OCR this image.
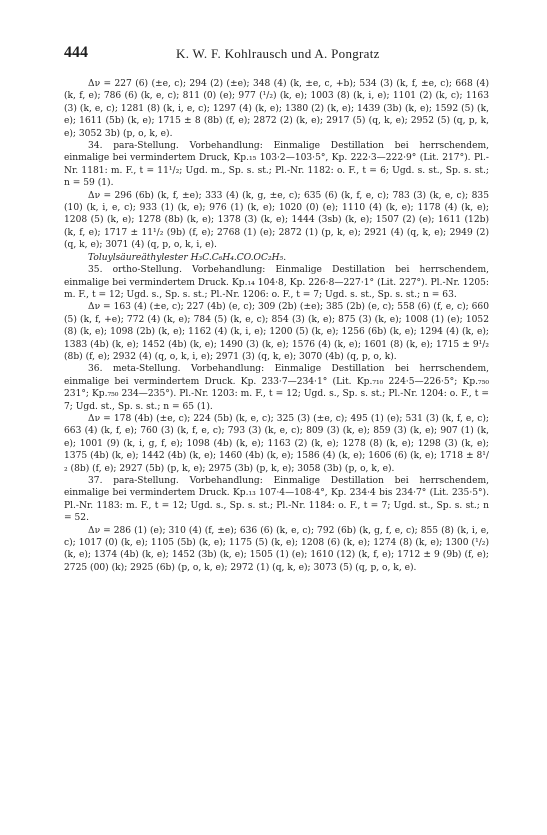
444	K. W. F. Kohlrausch und A. Pongratz

Δν = 227 (6) (±e, c); 294 (2) (±e); 348 (4) (k, ±e, c, +b); 534 (3) (k, f, ±e, c); 668 (4) (k, f, e); 786 (6) (k, e, c); 811 (0) (e); 977 (¹/₂) (k, e); 1003 (8) (k, i, e); 1101 (2) (k, c); 1163 (3) (k, e, c); 1281 (8) (k, i, e, c); 1297 (4) (k, e); 1380 (2) (k, e); 1439 (3b) (k, e); 1592 (5) (k, e); 1611 (5b) (k, e); 1715 ± 8 (8b) (f, e); 2872 (2) (k, e); 2917 (5) (q, k, e); 2952 (5) (q, p, k, e); 3052 3b) (p, o, k, e).

34. para-Stellung. Vorbehandlung: Einmalige Destillation bei herrschendem, einmalige bei vermindertem Druck, Kp.₁₅ 103·2—103·5°, Kp. 222·3—222·9° (Lit. 217°). Pl.-Nr. 1181: m. F., t = 11¹/₂; Ugd. m., Sp. s. st.; Pl.-Nr. 1182: o. F., t = 6; Ugd. s. st., Sp. s. st.; n = 59 (1).

Δν = 296 (6b) (k, f, ±e); 333 (4) (k, g, ±e, c); 635 (6) (k, f, e, c); 783 (3) (k, e, c); 835 (10) (k, i, e, c); 933 (1) (k, e); 976 (1) (k, e); 1020 (0) (e); 1110 (4) (k, e); 1178 (4) (k, e); 1208 (5) (k, e); 1278 (8b) (k, e); 1378 (3) (k, e); 1444 (3sb) (k, e); 1507 (2) (e); 1611 (12b) (k, f, e); 1717 ± 11¹/₂ (9b) (f, e); 2768 (1) (e); 2872 (1) (p, k, e); 2921 (4) (q, k, e); 2949 (2) (q, k, e); 3071 (4) (q, p, o, k, i, e).

Toluylsäureäthylester H₃C.C₆H₄.CO.OC₂H₅.

35. ortho-Stellung. Vorbehandlung: Einmalige Destillation bei herrschendem, einmalige bei vermindertem Druck. Kp.₁₄ 104·8, Kp. 226·8—227·1° (Lit. 227°). Pl.-Nr. 1205: m. F., t = 12; Ugd. s., Sp. s. st.; Pl.-Nr. 1206: o. F., t = 7; Ugd. s. st., Sp. s. st.; n = 63.

Δν = 163 (4) (±e, c); 227 (4b) (e, c); 309 (2b) (±e); 385 (2b) (e, c); 558 (6) (f, e, c); 660 (5) (k, f, +e); 772 (4) (k, e); 784 (5) (k, e, c); 854 (3) (k, e); 875 (3) (k, e); 1008 (1) (e); 1052 (8) (k, e); 1098 (2b) (k, e); 1162 (4) (k, i, e); 1200 (5) (k, e); 1256 (6b) (k, e); 1294 (4) (k, e); 1383 (4b) (k, e); 1452 (4b) (k, e); 1490 (3) (k, e); 1576 (4) (k, e); 1601 (8) (k, e); 1715 ± 9¹/₂ (8b) (f, e); 2932 (4) (q, o, k, i, e); 2971 (3) (q, k, e); 3070 (4b) (q, p, o, k).

36. meta-Stellung. Vorbehandlung: Einmalige Destillation bei herrschendem, einmalige bei vermindertem Druck. Kp. 233·7—234·1° (Lit. Kp.₇₁₀ 224·5—226·5°; Kp.₇₅₀ 231°; Kp.₇₅₀ 234—235°). Pl.-Nr. 1203: m. F., t = 12; Ugd. s., Sp. s. st.; Pl.-Nr. 1204: o. F., t = 7; Ugd. st., Sp. s. st.; n = 65 (1).

Δν = 178 (4b) (±e, c); 224 (5b) (k, e, c); 325 (3) (±e, c); 495 (1) (e); 531 (3) (k, f, e, c); 663 (4) (k, f, e); 760 (3) (k, f, e, c); 793 (3) (k, e, c); 809 (3) (k, e); 859 (3) (k, e); 907 (1) (k, e); 1001 (9) (k, i, g, f, e); 1098 (4b) (k, e); 1163 (2) (k, e); 1278 (8) (k, e); 1298 (3) (k, e); 1375 (4b) (k, e); 1442 (4b) (k, e); 1460 (4b) (k, e); 1586 (4) (k, e); 1606 (6) (k, e); 1718 ± 8¹/₂ (8b) (f, e); 2927 (5b) (p, k, e); 2975 (3b) (p, k, e); 3058 (3b) (p, o, k, e).

37. para-Stellung. Vorbehandlung: Einmalige Destillation bei herrschendem, einmalige bei vermindertem Druck. Kp.₁₃ 107·4—108·4°, Kp. 234·4 bis 234·7° (Lit. 235·5°). Pl.-Nr. 1183: m. F., t = 12; Ugd. s., Sp. s. st.; Pl.-Nr. 1184: o. F., t = 7; Ugd. st., Sp. s. st.; n = 52.

Δν = 286 (1) (e); 310 (4) (f, ±e); 636 (6) (k, e, c); 792 (6b) (k, g, f, e, c); 855 (8) (k, i, e, c); 1017 (0) (k, e); 1105 (5b) (k, e); 1175 (5) (k, e); 1208 (6) (k, e); 1274 (8) (k, e); 1300 (¹/₂) (k, e); 1374 (4b) (k, e); 1452 (3b) (k, e); 1505 (1) (e); 1610 (12) (k, f, e); 1712 ± 9 (9b) (f, e); 2725 (00) (k); 2925 (6b) (p, o, k, e); 2972 (1) (q, k, e); 3073 (5) (q, p, o, k, e).
